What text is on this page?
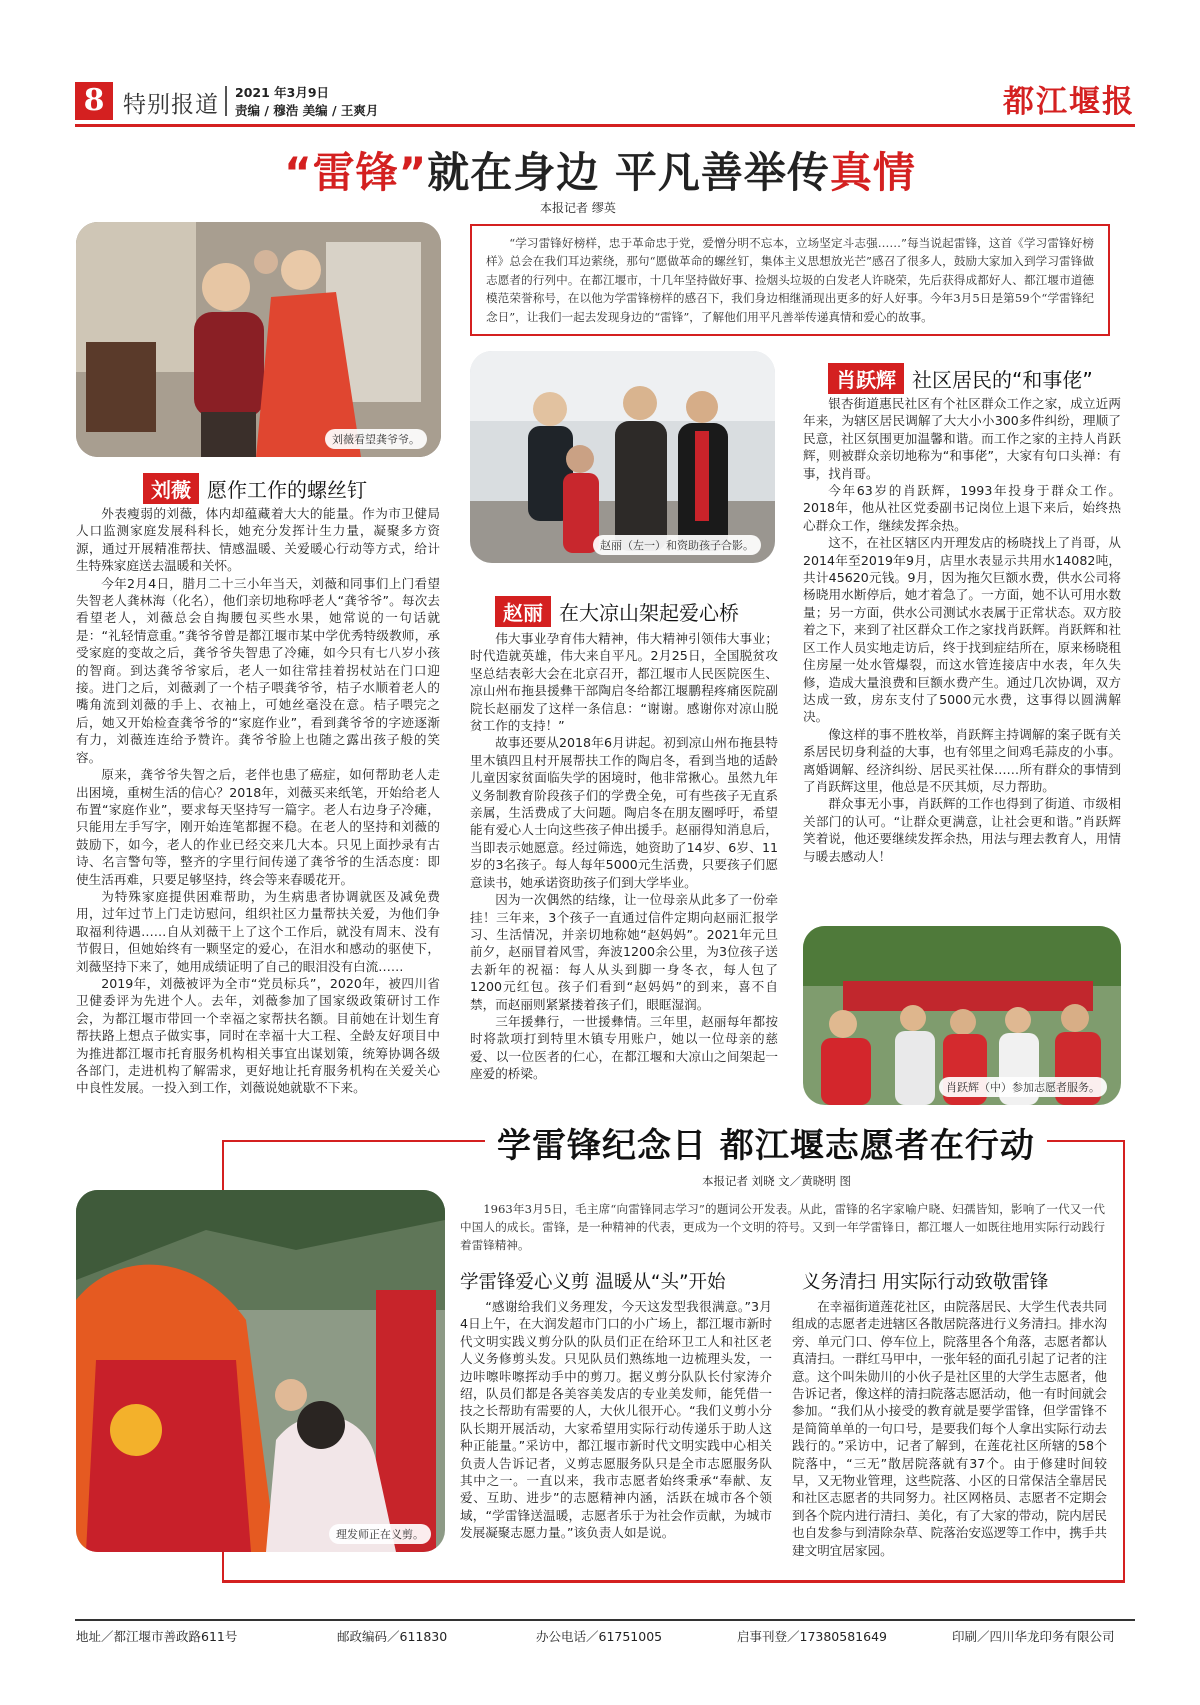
8 特别报道 2021 年3月9日
责编 / 穆浩 美编 / 王爽月	都江堰报
“雷锋”就在身边 平凡善举传真情
本报记者 缪英

“学习雷锋好榜样，忠于革命忠于党，爱憎分明不忘本，立场坚定斗志强……”每当说起雷锋，这首《学习雷锋好榜样》总会在我们耳边萦绕，那句“愿做革命的螺丝钉，集体主义思想放光芒”感召了很多人，鼓励大家加入到学习雷锋做志愿者的行列中。在都江堰市，十几年坚持做好事、捡烟头垃圾的白发老人许晓荣，先后获得成都好人、都江堰市道德模范荣誉称号，在以他为学雷锋榜样的感召下，我们身边相继涌现出更多的好人好事。今年3月5日是第59个“学雷锋纪念日”，让我们一起去发现身边的“雷锋”，了解他们用平凡善举传递真情和爱心的故事。

刘薇看望龚爷爷。
赵丽（左一）和资助孩子合影。
肖跃辉（中）参加志愿者服务。
刘薇 愿作工作的螺丝钉

外表瘦弱的刘薇，体内却蕴藏着大大的能量。作为市卫健局人口监测家庭发展科科长，她充分发挥计生力量，凝聚多方资源，通过开展精准帮扶、情感温暖、关爱暖心行动等方式，给计生特殊家庭送去温暖和关怀。

今年2月4日，腊月二十三小年当天，刘薇和同事们上门看望失智老人龚林海（化名），他们亲切地称呼老人“龚爷爷”。每次去看望老人，刘薇总会自掏腰包买些水果，她常说的一句话就是：“礼轻情意重。”龚爷爷曾是都江堰市某中学优秀特级教师，承受家庭的变故之后，龚爷爷失智患了冷瘫，如今只有七八岁小孩的智商。到达龚爷爷家后，老人一如往常挂着拐杖站在门口迎接。进门之后，刘薇剥了一个桔子喂龚爷爷，桔子水顺着老人的嘴角流到刘薇的手上、衣袖上，可她丝毫没在意。桔子喂完之后，她又开始检查龚爷爷的“家庭作业”，看到龚爷爷的字迹逐渐有力，刘薇连连给予赞许。龚爷爷脸上也随之露出孩子般的笑容。

原来，龚爷爷失智之后，老伴也患了癌症，如何帮助老人走出困境，重树生活的信心？2018年，刘薇买来纸笔，开始给老人布置“家庭作业”，要求每天坚持写一篇字。老人右边身子冷瘫，只能用左手写字，刚开始连笔都握不稳。在老人的坚持和刘薇的鼓励下，如今，老人的作业已经交来几大本。只见上面抄录有古诗、名言警句等，整齐的字里行间传递了龚爷爷的生活态度：即使生活再难，只要足够坚持，终会等来春暖花开。

为特殊家庭提供困难帮助，为生病患者协调就医及减免费用，过年过节上门走访慰问，组织社区力量帮扶关爱，为他们争取福利待遇……自从刘薇干上了这个工作后，就没有周末、没有节假日，但她始终有一颗坚定的爱心，在泪水和感动的驱使下，刘薇坚持下来了，她用成绩证明了自己的眼泪没有白流……

2019年，刘薇被评为全市“党员标兵”，2020年，被四川省卫健委评为先进个人。去年，刘薇参加了国家级政策研讨工作会，为都江堰市带回一个幸福之家帮扶名额。目前她在计划生育帮扶路上想点子做实事，同时在幸福十大工程、全龄友好项目中为推进都江堰市托育服务机构相关事宜出谋划策，统筹协调各级各部门，走进机构了解需求，更好地让托育服务机构在关爱关心中良性发展。一投入到工作，刘薇说她就歇不下来。

赵丽 在大凉山架起爱心桥

伟大事业孕育伟大精神，伟大精神引领伟大事业；时代造就英雄，伟大来自平凡。2月25日，全国脱贫攻坚总结表彰大会在北京召开，都江堰市人民医院医生、凉山州布拖县援彝干部陶启冬给都江堰鹏程疼痛医院副院长赵丽发了这样一条信息：“谢谢。感谢你对凉山脱贫工作的支持！”

故事还要从2018年6月讲起。初到凉山州布拖县特里木镇四且村开展帮扶工作的陶启冬，看到当地的适龄儿童因家贫面临失学的困境时，他非常揪心。虽然九年义务制教育阶段孩子们的学费全免，可有些孩子无直系亲属，生活费成了大问题。陶启冬在朋友圈呼吁，希望能有爱心人士向这些孩子伸出援手。赵丽得知消息后，当即表示她愿意。经过筛选，她资助了14岁、6岁、11岁的3名孩子。每人每年5000元生活费，只要孩子们愿意读书，她承诺资助孩子们到大学毕业。

因为一次偶然的结缘，让一位母亲从此多了一份牵挂！三年来，3个孩子一直通过信件定期向赵丽汇报学习、生活情况，并亲切地称她“赵妈妈”。2021年元旦前夕，赵丽冒着风雪，奔波1200余公里，为3位孩子送去新年的祝福：每人从头到脚一身冬衣，每人包了1200元红包。孩子们看到“赵妈妈”的到来，喜不自禁，而赵丽则紧紧搂着孩子们，眼眶湿润。

三年援彝行，一世援彝情。三年里，赵丽每年都按时将款项打到特里木镇专用账户，她以一位母亲的慈爱、以一位医者的仁心，在都江堰和大凉山之间架起一座爱的桥梁。

肖跃辉 社区居民的“和事佬”

银杏街道惠民社区有个社区群众工作之家，成立近两年来，为辖区居民调解了大大小小300多件纠纷，理顺了民意，社区氛围更加温馨和谐。而工作之家的主持人肖跃辉，则被群众亲切地称为“和事佬”，大家有句口头禅：有事，找肖哥。

今年63岁的肖跃辉，1993年投身于群众工作。2018年，他从社区党委副书记岗位上退下来后，始终热心群众工作，继续发挥余热。

这不，在社区辖区内开理发店的杨晓找上了肖哥，从2014年至2019年9月，店里水表显示共用水14082吨，共计45620元钱。9月，因为拖欠巨额水费，供水公司将杨晓用水断停后，她才着急了。一方面，她不认可用水数量；另一方面，供水公司测试水表属于正常状态。双方胶着之下，来到了社区群众工作之家找肖跃辉。肖跃辉和社区工作人员实地走访后，终于找到症结所在，原来杨晓租住房屋一处水管爆裂，而这水管连接店中水表，年久失修，造成大量浪费和巨额水费产生。通过几次协调，双方达成一致，房东支付了5000元水费，这事得以圆满解决。

像这样的事不胜枚举，肖跃辉主持调解的案子既有关系居民切身利益的大事，也有邻里之间鸡毛蒜皮的小事。离婚调解、经济纠纷、居民买社保……所有群众的事情到了肖跃辉这里，他总是不厌其烦，尽力帮助。

群众事无小事，肖跃辉的工作也得到了街道、市级相关部门的认可。“让群众更满意，让社会更和谐。”肖跃辉笑着说，他还要继续发挥余热，用法与理去教育人，用情与暖去感动人！

学雷锋纪念日 都江堰志愿者在行动
本报记者 刘晓 文／黄晓明 图

1963年3月5日，毛主席“向雷锋同志学习”的题词公开发表。从此，雷锋的名字家喻户晓、妇孺皆知，影响了一代又一代中国人的成长。雷锋，是一种精神的代表，更成为一个文明的符号。又到一年学雷锋日，都江堰人一如既往地用实际行动践行着雷锋精神。

理发师正在义剪。
学雷锋爱心义剪 温暖从“头”开始

“感谢给我们义务理发，今天这发型我很满意。”3月4日上午，在大润发超市门口的小广场上，都江堰市新时代文明实践义剪分队的队员们正在给环卫工人和社区老人义务修剪头发。只见队员们熟练地一边梳理头发，一边咔嚓咔嚓挥动手中的剪刀。据义剪分队队长付家涛介绍，队员们都是各美容美发店的专业美发师，能凭借一技之长帮助有需要的人，大伙儿很开心。“我们义剪小分队长期开展活动，大家希望用实际行动传递乐于助人这种正能量。”采访中，都江堰市新时代文明实践中心相关负责人告诉记者，义剪志愿服务队只是全市志愿服务队其中之一。一直以来，我市志愿者始终秉承“奉献、友爱、互助、进步”的志愿精神内涵，活跃在城市各个领域，“学雷锋送温暖，志愿者乐于为社会作贡献，为城市发展凝聚志愿力量。”该负责人如是说。

义务清扫 用实际行动致敬雷锋

在幸福街道莲花社区，由院落居民、大学生代表共同组成的志愿者走进辖区各散居院落进行义务清扫。排水沟旁、单元门口、停车位上，院落里各个角落，志愿者都认真清扫。一群红马甲中，一张年轻的面孔引起了记者的注意。这个叫朱勋川的小伙子是社区里的大学生志愿者，他告诉记者，像这样的清扫院落志愿活动，他一有时间就会参加。“我们从小接受的教育就是要学雷锋，但学雷锋不是简简单单的一句口号，是要我们每个人拿出实际行动去践行的。”采访中，记者了解到，在莲花社区所辖的58个院落中，“三无”散居院落就有37个。由于修建时间较早，又无物业管理，这些院落、小区的日常保洁全靠居民和社区志愿者的共同努力。社区网格员、志愿者不定期会到各个院内进行清扫、美化，有了大家的带动，院内居民也自发参与到清除杂草、院落治安巡逻等工作中，携手共建文明宜居家园。

地址／都江堰市善政路611号	邮政编码／611830	办公电话／61751005	启事刊登／17380581649	印刷／四川华龙印务有限公司
